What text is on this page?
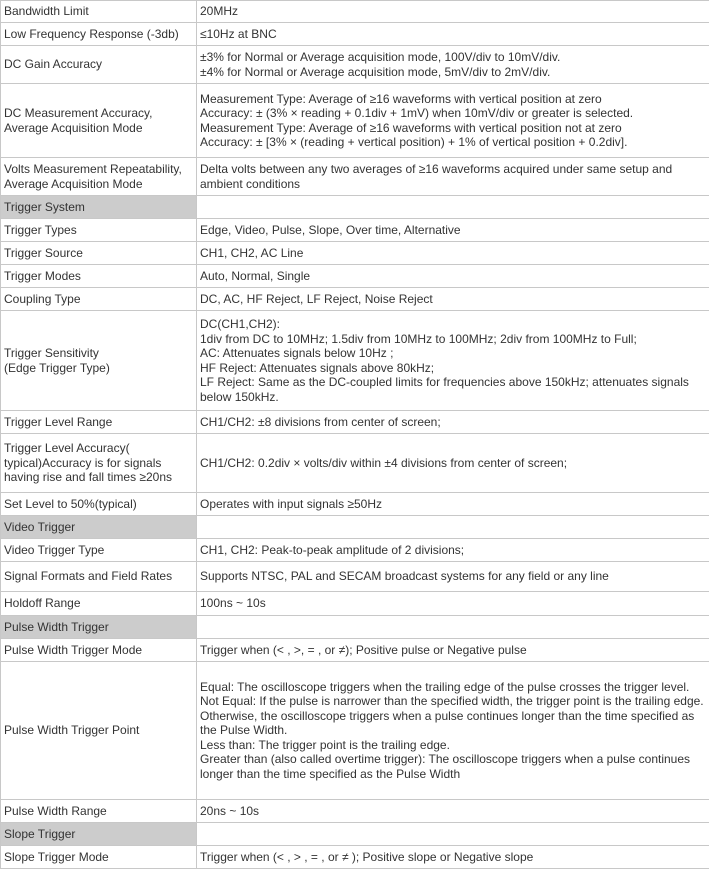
Bandwidth Limit	20MHz
Low Frequency Response (-3db)	≤10Hz at BNC
DC Gain Accuracy	±3% for Normal or Average acquisition mode, 100V/div to 10mV/div.
±4% for Normal or Average acquisition mode, 5mV/div to 2mV/div.
DC Measurement Accuracy,
Average Acquisition Mode	Measurement Type: Average of ≥16 waveforms with vertical position at zero
Accuracy: ± (3% × reading + 0.1div + 1mV) when 10mV/div or greater is selected.
Measurement Type: Average of ≥16 waveforms with vertical position not at zero
Accuracy: ± [3% × (reading + vertical position) + 1% of vertical position + 0.2div].
Volts Measurement Repeatability,
Average Acquisition Mode	Delta volts between any two averages of ≥16 waveforms acquired under same setup and ambient conditions
Trigger System	
Trigger Types	Edge, Video, Pulse, Slope, Over time, Alternative
Trigger Source	CH1, CH2, AC Line
Trigger Modes	Auto, Normal, Single
Coupling Type	DC, AC, HF Reject, LF Reject, Noise Reject
Trigger Sensitivity
(Edge Trigger Type)	DC(CH1,CH2):
1div from DC to 10MHz; 1.5div from 10MHz to 100MHz; 2div from 100MHz to Full;
AC: Attenuates signals below 10Hz ;
HF Reject: Attenuates signals above 80kHz;
LF Reject: Same as the DC-coupled limits for frequencies above 150kHz; attenuates signals below 150kHz.
Trigger Level Range	CH1/CH2: ±8 divisions from center of screen;
Trigger Level Accuracy(
typical)Accuracy is for signals having rise and fall times ≥20ns	CH1/CH2: 0.2div × volts/div within ±4 divisions from center of screen;
Set Level to 50%(typical)	Operates with input signals ≥50Hz
Video Trigger	
Video Trigger Type	CH1, CH2: Peak-to-peak amplitude of 2 divisions;
Signal Formats and Field Rates	Supports NTSC, PAL and SECAM broadcast systems for any field or any line
Holdoff Range	100ns ~ 10s
Pulse Width Trigger	
Pulse Width Trigger Mode	Trigger when (< , >, = , or ≠); Positive pulse or Negative pulse
Pulse Width Trigger Point	Equal: The oscilloscope triggers when the trailing edge of the pulse crosses the trigger level.
Not Equal: If the pulse is narrower than the specified width, the trigger point is the trailing edge. Otherwise, the oscilloscope triggers when a pulse continues longer than the time specified as the Pulse Width.
Less than: The trigger point is the trailing edge.
Greater than (also called overtime trigger): The oscilloscope triggers when a pulse continues longer than the time specified as the Pulse Width
Pulse Width Range	20ns ~ 10s
Slope Trigger	
Slope Trigger Mode	Trigger when (< , > , = , or ≠ ); Positive slope or Negative slope
